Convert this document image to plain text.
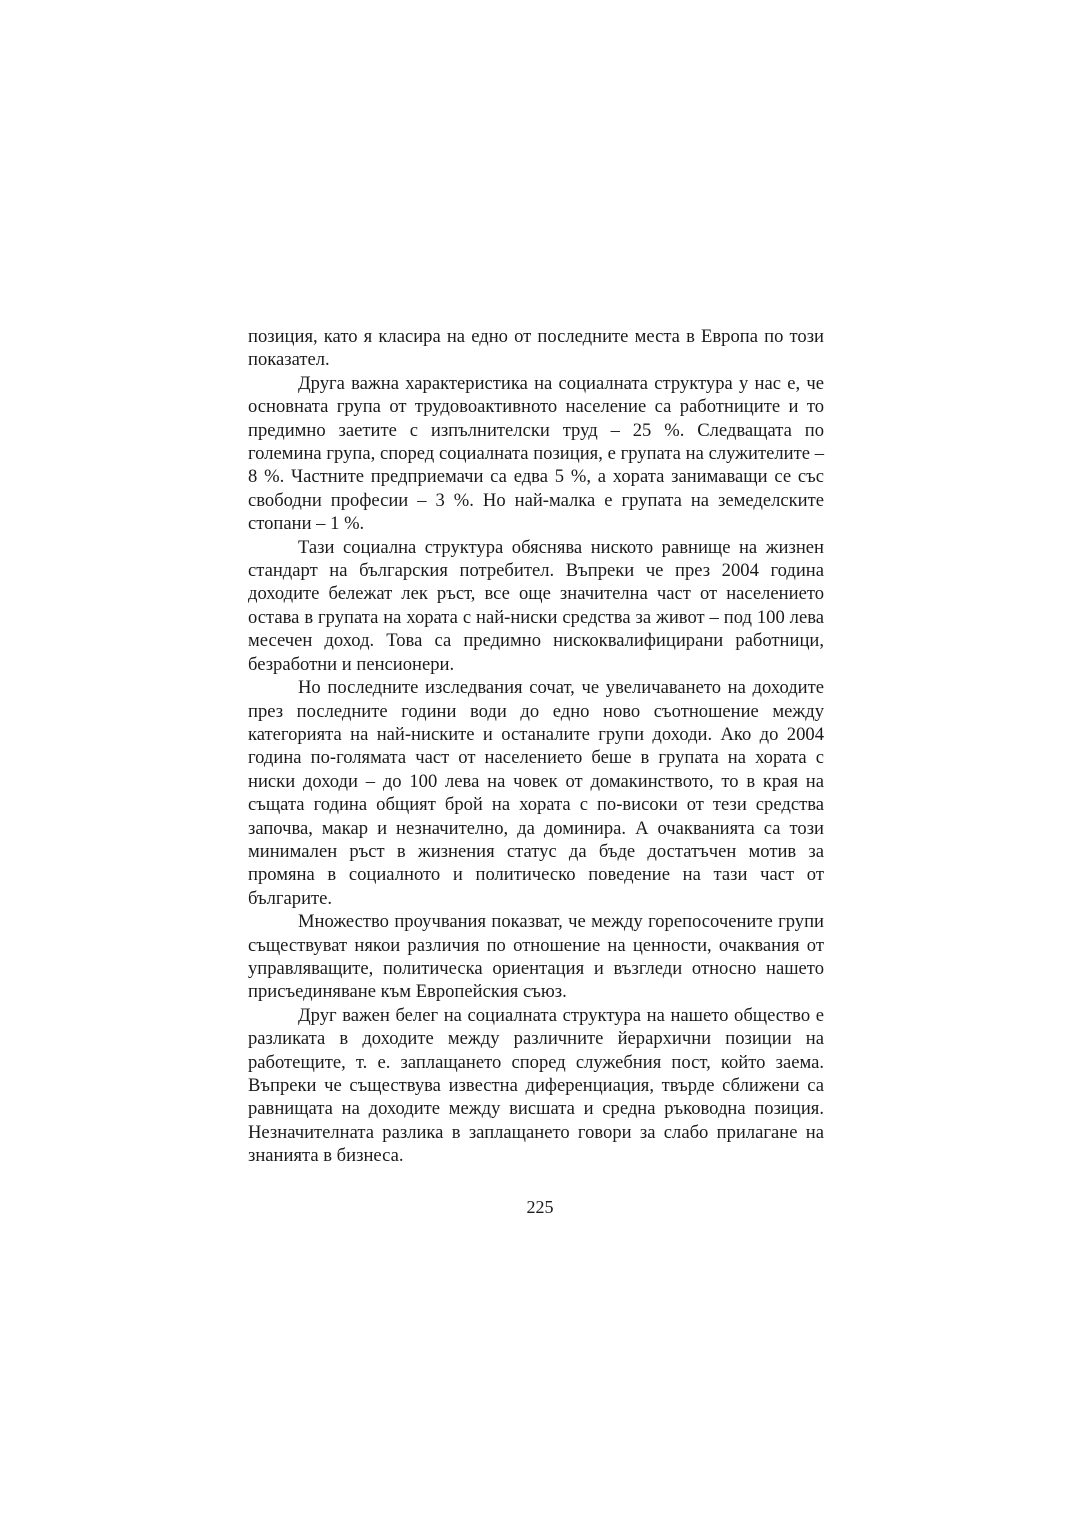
позиция, като я класира на едно от последните места в Европа по този показател.

Друга важна характеристика на социалната структура у нас е, че основната група от трудовоактивното население са работниците и то предимно заетите с изпълнителски труд – 25 %. Следващата по големина група, според социалната позиция, е групата на служителите – 8 %. Частните предприемачи са едва 5 %, а хората занимаващи се със свободни професии – 3 %. Но най-малка е групата на земеделските стопани – 1 %.

Тази социална структура обяснява ниското равнище на жизнен стандарт на българския потребител. Въпреки че през 2004 година доходите бележат лек ръст, все още значителна част от населението остава в групата на хората с най-ниски средства за живот – под 100 лева месечен доход. Това са предимно нискоквалифицирани работници, безработни и пенсионери.

Но последните изследвания сочат, че увеличаването на доходите през последните години води до едно ново съотношение между категорията на най-ниските и останалите групи доходи. Ако до 2004 година по-голямата част от населението беше в групата на хората с ниски доходи – до 100 лева на човек от домакинството, то в края на същата година общият брой на хората с по-високи от тези средства започва, макар и незначително, да доминира. А очакванията са този минимален ръст в жизнения статус да бъде достатъчен мотив за промяна в социалното и политическо поведение на тази част от българите.

Множество проучвания показват, че между горепосочените групи съществуват някои различия по отношение на ценности, очаквания от управляващите, политическа ориентация и възгледи относно нашето присъединяване към Европейския съюз.

Друг важен белег на социалната структура на нашето общество е разликата в доходите между различните йерархични позиции на работещите, т. е. заплащането според служебния пост, който заема. Въпреки че съществува известна диференциация, твърде сближени са равнищата на доходите между висшата и средна ръководна позиция. Незначителната разлика в заплащането говори за слабо прилагане на знанията в бизнеса.

225
